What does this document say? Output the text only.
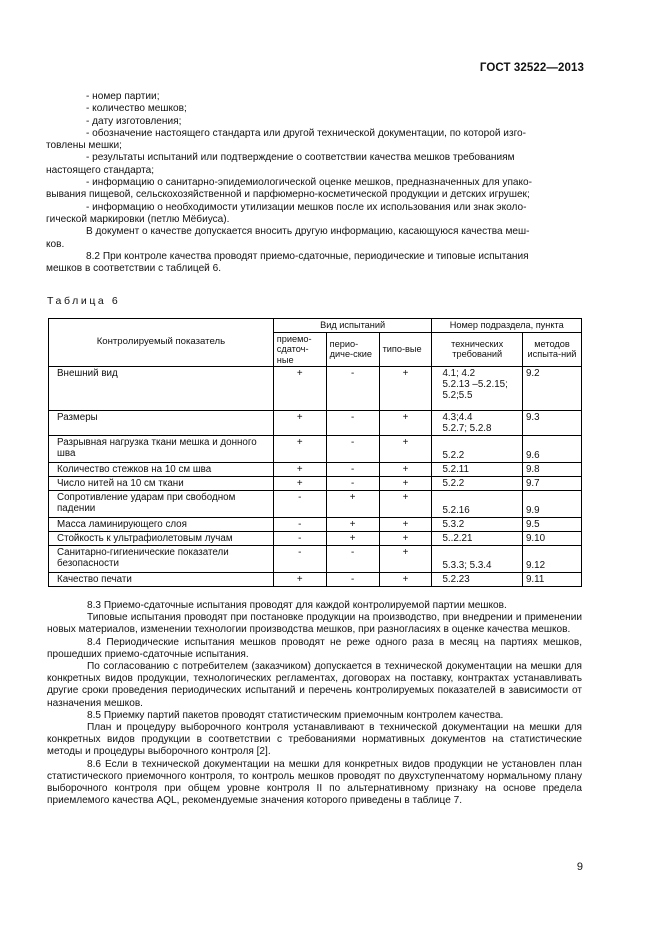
ГОСТ 32522—2013
- номер партии;
- количество мешков;
- дату изготовления;
- обозначение настоящего стандарта или другой технической документации, по которой изго-
товлены мешки;
- результаты испытаний или подтверждение о соответствии качества мешков требованиям
настоящего стандарта;
- информацию о санитарно-эпидемиологической оценке мешков, предназначенных для упако-
вывания пищевой, сельскохозяйственной и парфюмерно-косметической продукции и детских игрушек;
- информацию о необходимости утилизации мешков после их использования или знак эколо-
гической маркировки (петлю Мёбиуса).
В документ о качестве допускается вносить другую информацию, касающуюся качества меш-
ков.
8.2 При контроле качества проводят приемо-сдаточные, периодические и типовые испытания
мешков в соответствии с таблицей 6.
Таблица 6
Контролируемый показатель	Вид испытаний			Номер подраздела, пункта	
	приемо-сдаточ-ные	перио-диче-ские	типо-вые	технических требований	методов испыта-ний
Внешний вид	+	-	+	4.1; 4.2
5.2.13 –5.2.15;
5.2;5.5	9.2
Размеры	+	-	+	4.3;4.4
5.2.7; 5.2.8	9.3
Разрывная нагрузка ткани мешка и донного шва	+	-	+	5.2.2	9.6
Количество стежков на 10 см шва	+	-	+	5.2.11	9.8
Число нитей на 10 см ткани	+	-	+	5.2.2	9.7
Сопротивление ударам при свободном падении	-	+	+	5.2.16	9.9
Масса ламинирующего слоя	-	+	+	5.3.2	9.5
Стойкость к ультрафиолетовым лучам	-	+	+	5..2.21	9.10
Санитарно-гигиенические показатели безопасности	-	-	+	5.3.3; 5.3.4	9.12
Качество печати	+	-	+	5.2.23	9.11

8.3 Приемо-сдаточные испытания проводят для каждой контролируемой партии мешков.

Типовые испытания проводят при постановке продукции на производство, при внедрении и применении новых материалов, изменении технологии производства мешков, при разногласиях в оценке качества мешков.

8.4 Периодические испытания мешков проводят не реже одного раза в месяц на партиях мешков, прошедших приемо-сдаточные испытания.

По согласованию с потребителем (заказчиком) допускается в технической документации на мешки для конкретных видов продукции, технологических регламентах, договорах на поставку, контрактах устанавливать другие сроки проведения периодических испытаний и перечень контролируемых показателей в зависимости от назначения мешков.

8.5 Приемку партий пакетов проводят статистическим приемочным контролем качества.

План и процедуру выборочного контроля устанавливают в технической документации на мешки для конкретных видов продукции в соответствии с требованиями нормативных документов на статистические методы и процедуры выборочного контроля [2].

8.6 Если в технической документации на мешки для конкретных видов продукции не установлен план статистического приемочного контроля, то контроль мешков проводят по двухступенчатому нормальному плану выборочного контроля при общем уровне контроля II по альтернативному признаку на основе предела приемлемого качества AQL, рекомендуемые значения которого приведены в таблице 7.

9
